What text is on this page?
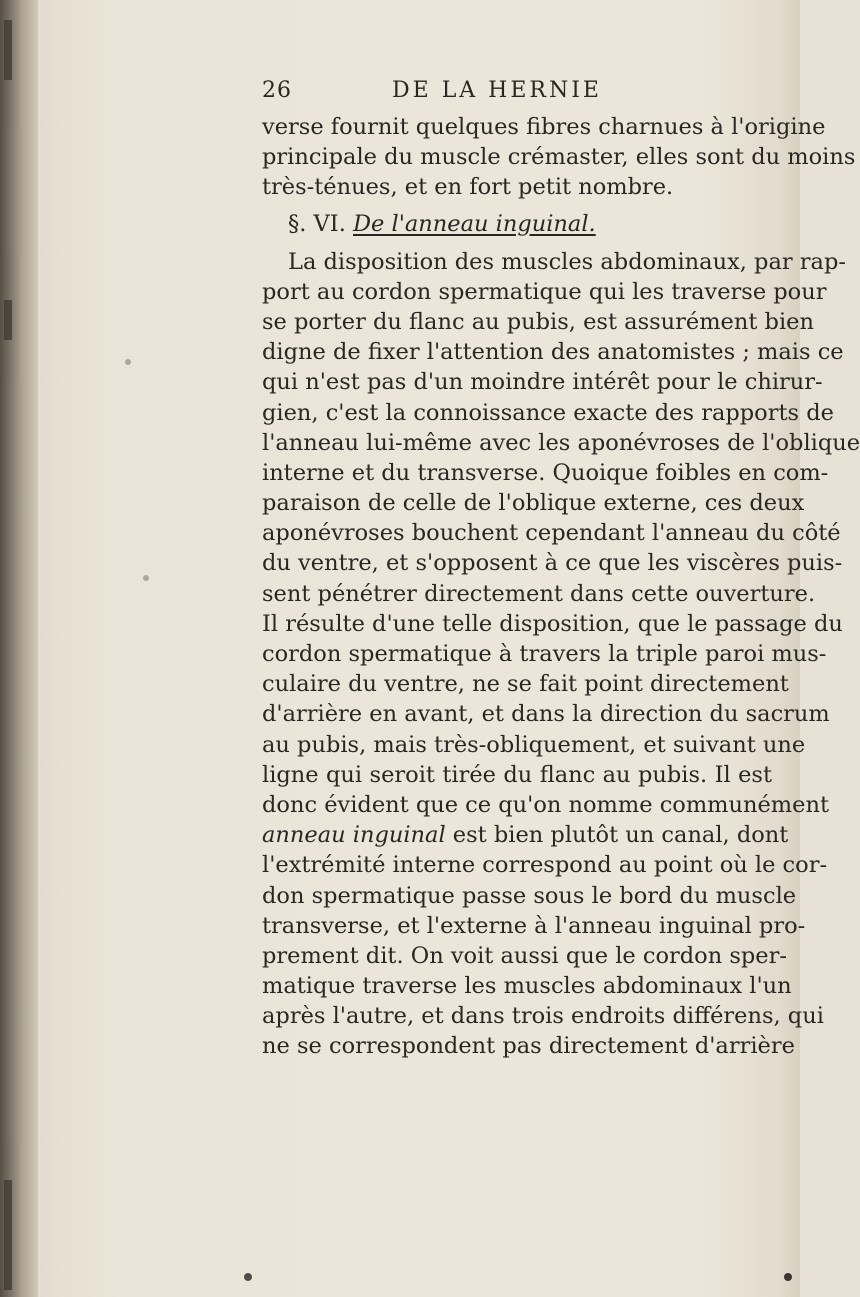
26	DE LA HERNIE
verse fournit quelques fibres charnues à l'origine
principale du muscle crémaster, elles sont du moins
très-ténues, et en fort petit nombre.
§. VI. De l'anneau inguinal.
La disposition des muscles abdominaux, par rap-
port au cordon spermatique qui les traverse pour
se porter du flanc au pubis, est assurément bien
digne de fixer l'attention des anatomistes ; mais ce
qui n'est pas d'un moindre intérêt pour le chirur-
gien, c'est la connoissance exacte des rapports de
l'anneau lui-même avec les aponévroses de l'oblique
interne et du transverse. Quoique foibles en com-
paraison de celle de l'oblique externe, ces deux
aponévroses bouchent cependant l'anneau du côté
du ventre, et s'opposent à ce que les viscères puis-
sent pénétrer directement dans cette ouverture.
Il résulte d'une telle disposition, que le passage du
cordon spermatique à travers la triple paroi mus-
culaire du ventre, ne se fait point directement
d'arrière en avant, et dans la direction du sacrum
au pubis, mais très-obliquement, et suivant une
ligne qui seroit tirée du flanc au pubis. Il est
donc évident que ce qu'on nomme communément
anneau inguinal est bien plutôt un canal, dont
l'extrémité interne correspond au point où le cor-
don spermatique passe sous le bord du muscle
transverse, et l'externe à l'anneau inguinal pro-
prement dit. On voit aussi que le cordon sper-
matique traverse les muscles abdominaux l'un
après l'autre, et dans trois endroits différens, qui
ne se correspondent pas directement d'arrière
